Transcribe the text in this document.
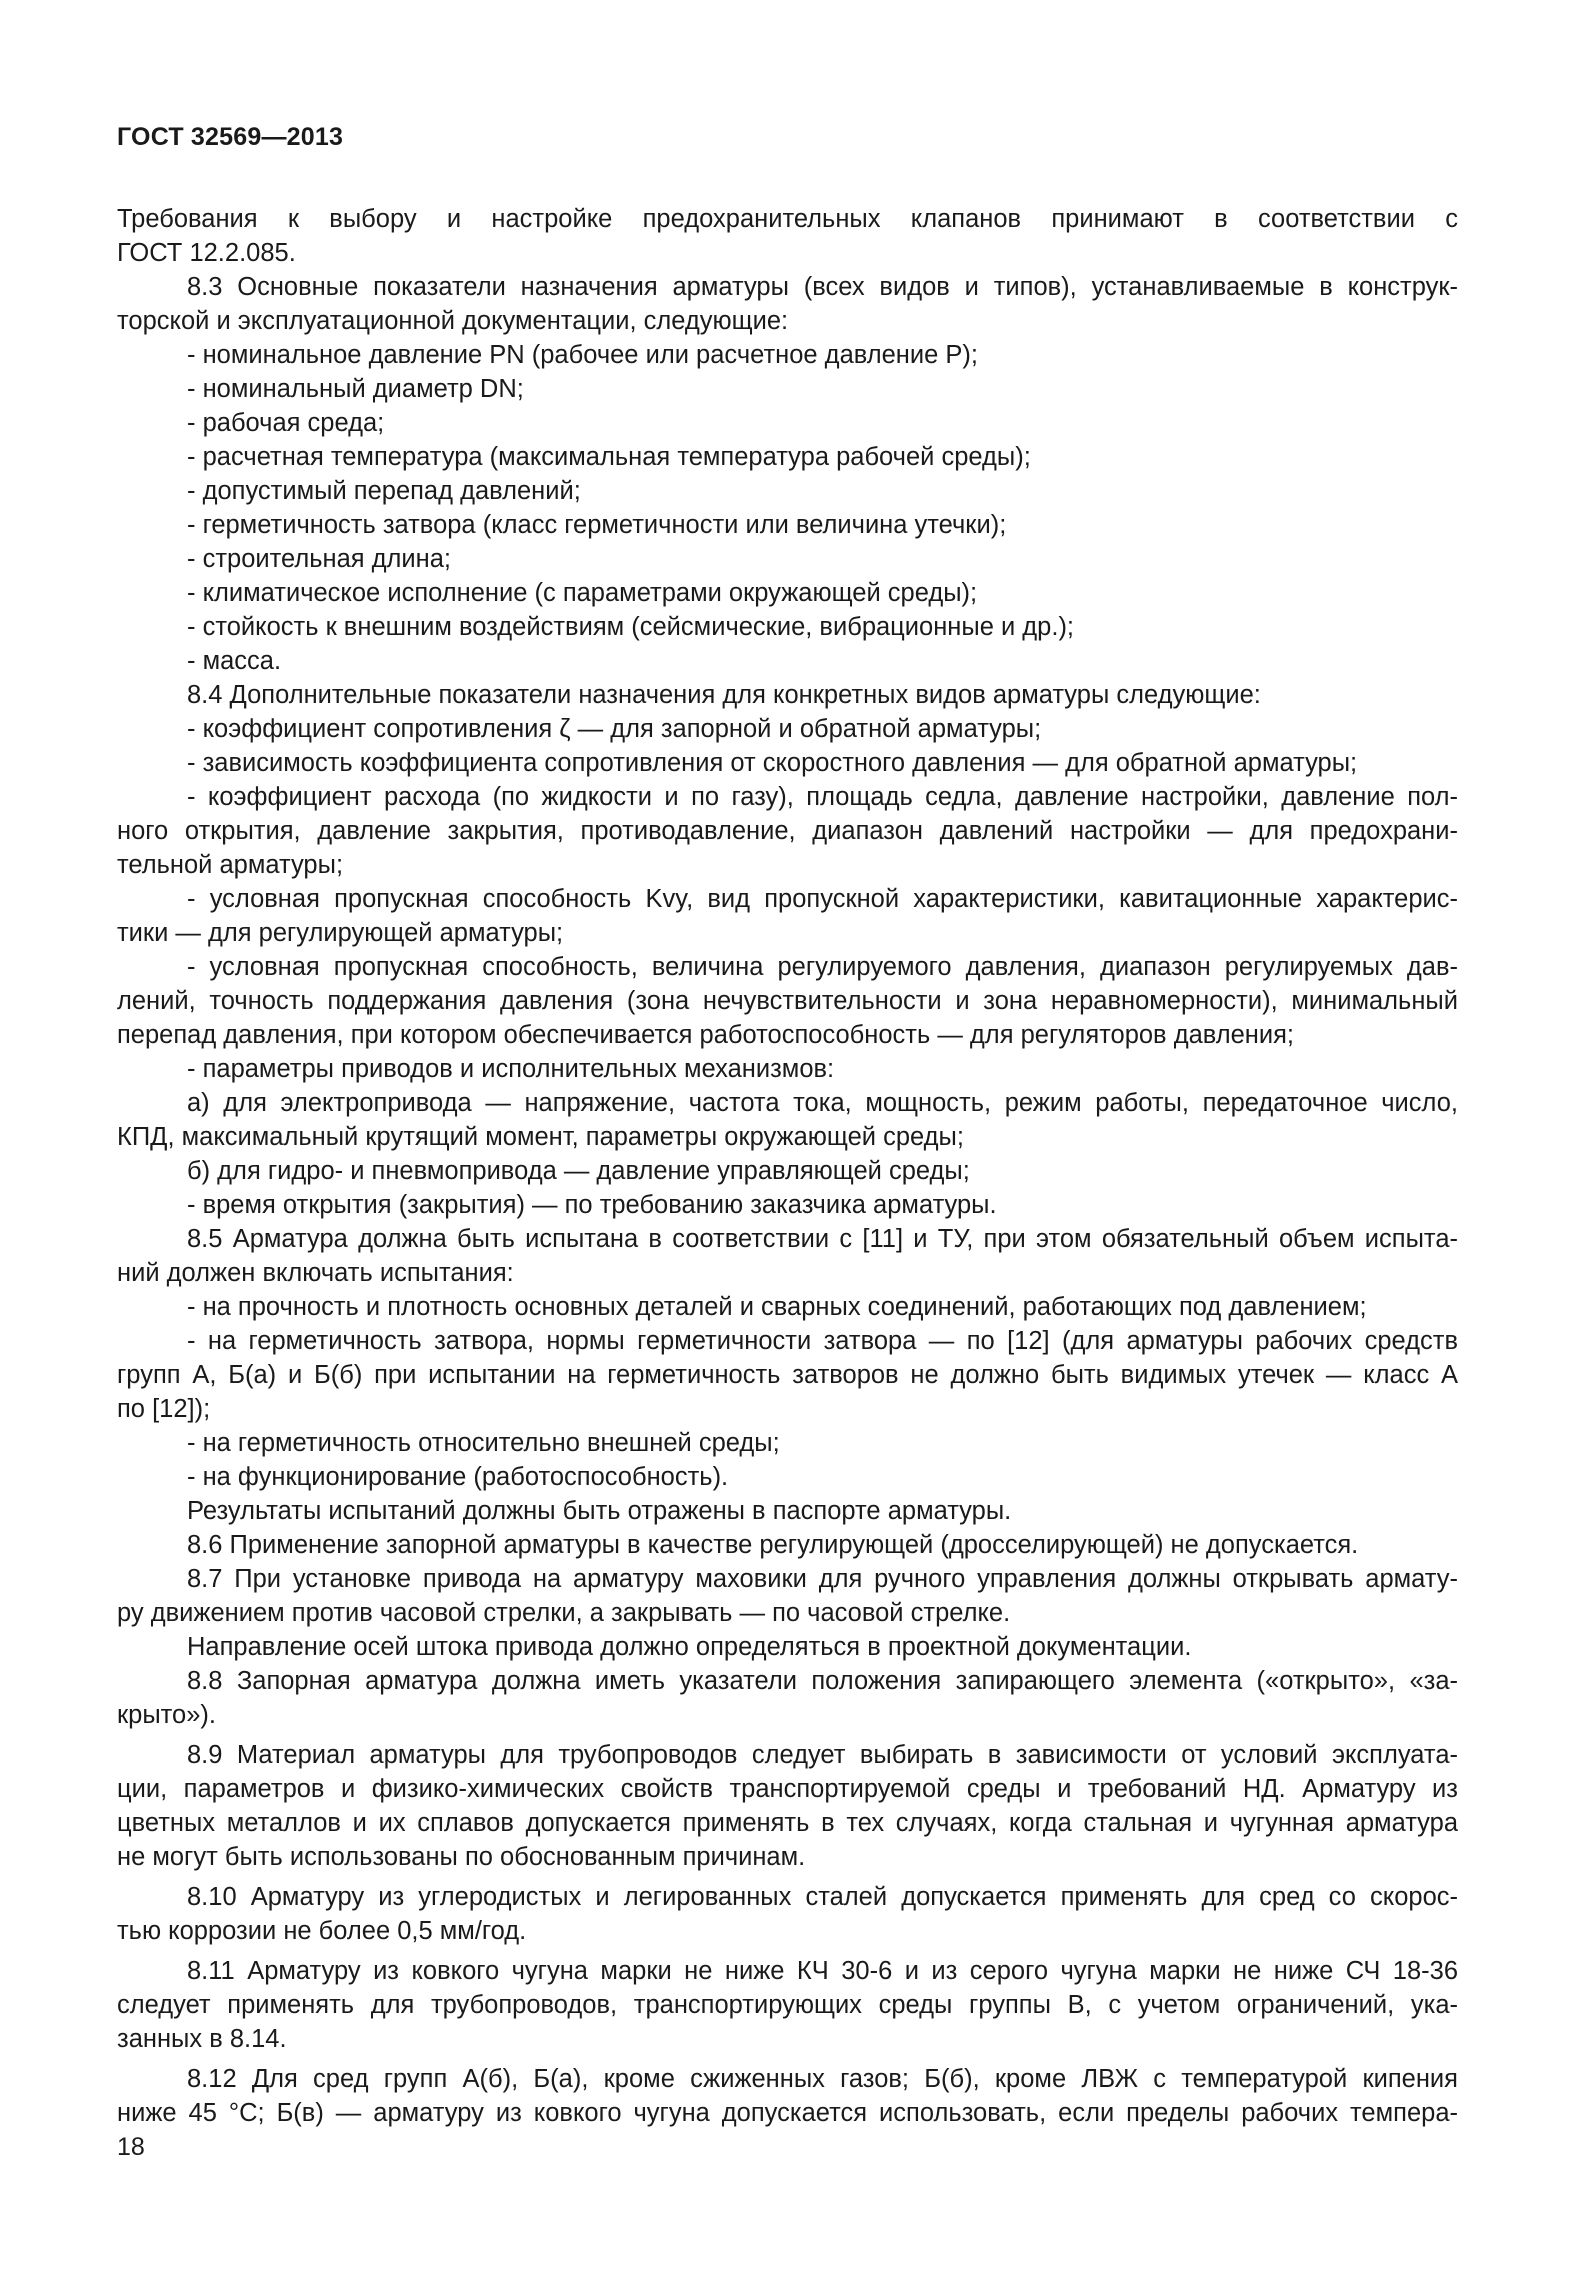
ГОСТ 32569—2013
Требования к выбору и настройке предохранительных клапанов принимают в соответствии с
ГОСТ 12.2.085.
8.3 Основные показатели назначения арматуры (всех видов и типов), устанавливаемые в конструк-
торской и эксплуатационной документации, следующие:
- номинальное давление PN (рабочее или расчетное давление P);
- номинальный диаметр DN;
- рабочая среда;
- расчетная температура (максимальная температура рабочей среды);
- допустимый перепад давлений;
- герметичность затвора (класс герметичности или величина утечки);
- строительная длина;
- климатическое исполнение (с параметрами окружающей среды);
- стойкость к внешним воздействиям (сейсмические, вибрационные и др.);
- масса.
8.4 Дополнительные показатели назначения для конкретных видов арматуры следующие:
- коэффициент сопротивления ζ — для запорной и обратной арматуры;
- зависимость коэффициента сопротивления от скоростного давления — для обратной арматуры;
- коэффициент расхода (по жидкости и по газу), площадь седла, давление настройки, давление пол-
ного открытия, давление закрытия, противодавление, диапазон давлений настройки — для предохрани-
тельной арматуры;
- условная пропускная способность Kvy, вид пропускной характеристики, кавитационные характерис-
тики — для регулирующей арматуры;
- условная пропускная способность, величина регулируемого давления, диапазон регулируемых дав-
лений, точность поддержания давления (зона нечувствительности и зона неравномерности), минимальный
перепад давления, при котором обеспечивается работоспособность — для регуляторов давления;
- параметры приводов и исполнительных механизмов:
а) для электропривода — напряжение, частота тока, мощность, режим работы, передаточное число,
КПД, максимальный крутящий момент, параметры окружающей среды;
б) для гидро- и пневмопривода — давление управляющей среды;
- время открытия (закрытия) — по требованию заказчика арматуры.
8.5 Арматура должна быть испытана в соответствии с [11] и ТУ, при этом обязательный объем испыта-
ний должен включать испытания:
- на прочность и плотность основных деталей и сварных соединений, работающих под давлением;
- на герметичность затвора, нормы герметичности затвора — по [12] (для арматуры рабочих средств
групп А, Б(а) и Б(б) при испытании на герметичность затворов не должно быть видимых утечек — класс А
по [12]);
- на герметичность относительно внешней среды;
- на функционирование (работоспособность).
Результаты испытаний должны быть отражены в паспорте арматуры.
8.6 Применение запорной арматуры в качестве регулирующей (дросселирующей) не допускается.
8.7 При установке привода на арматуру маховики для ручного управления должны открывать армату-
ру движением против часовой стрелки, а закрывать — по часовой стрелке.
Направление осей штока привода должно определяться в проектной документации.
8.8 Запорная арматура должна иметь указатели положения запирающего элемента («открыто», «за-
крыто»).
8.9 Материал арматуры для трубопроводов следует выбирать в зависимости от условий эксплуата-
ции, параметров и физико-химических свойств транспортируемой среды и требований НД. Арматуру из
цветных металлов и их сплавов допускается применять в тех случаях, когда стальная и чугунная арматура
не могут быть использованы по обоснованным причинам.
8.10 Арматуру из углеродистых и легированных сталей допускается применять для сред со скорос-
тью коррозии не более 0,5 мм/год.
8.11 Арматуру из ковкого чугуна марки не ниже КЧ 30-6 и из серого чугуна марки не ниже СЧ 18-36
следует применять для трубопроводов, транспортирующих среды группы В, с учетом ограничений, ука-
занных в 8.14.
8.12 Для сред групп А(б), Б(а), кроме сжиженных газов; Б(б), кроме ЛВЖ с температурой кипения
ниже 45 °С; Б(в) — арматуру из ковкого чугуна допускается использовать, если пределы рабочих темпера-
18
